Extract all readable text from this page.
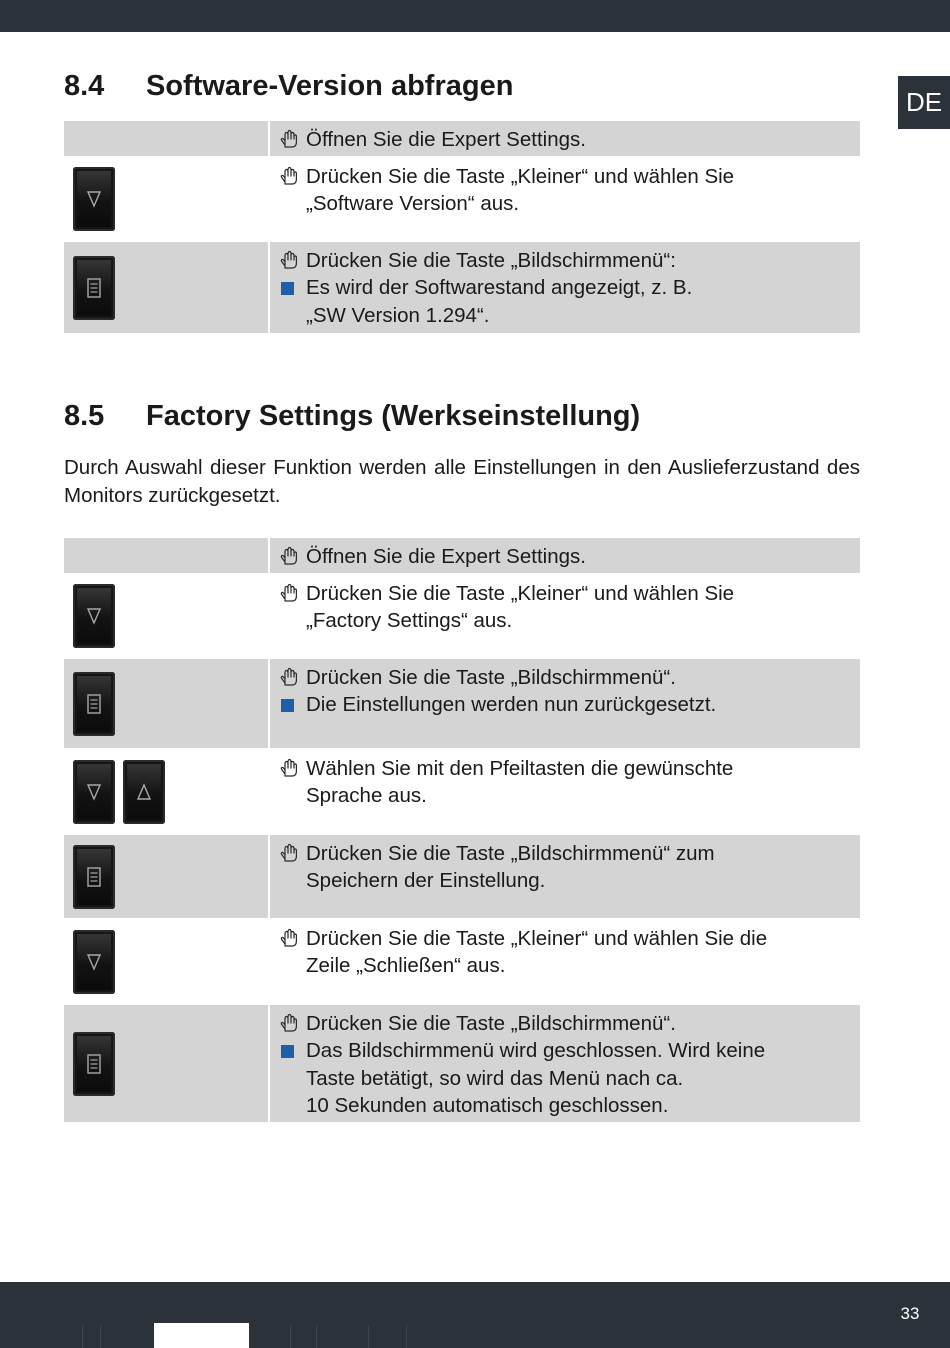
DE
8.4 Software-Version abfragen
Öffnen Sie die Expert Settings.
Drücken Sie die Taste „Kleiner“ und wählen Sie
„Software Version“ aus.
Drücken Sie die Taste „Bildschirmmenü“:
Es wird der Softwarestand angezeigt, z. B.
„SW Version 1.294“.
8.5 Factory Settings (Werkseinstellung)

Durch Auswahl dieser Funktion werden alle Einstellungen in den Auslieferzustand des Monitors zurückgesetzt.

Öffnen Sie die Expert Settings.
Drücken Sie die Taste „Kleiner“ und wählen Sie
„Factory Settings“ aus.
Drücken Sie die Taste „Bildschirmmenü“.
Die Einstellungen werden nun zurückgesetzt.
Wählen Sie mit den Pfeiltasten die gewünschte
Sprache aus.
Drücken Sie die Taste „Bildschirmmenü“ zum
Speichern der Einstellung.
Drücken Sie die Taste „Kleiner“ und wählen Sie die
Zeile „Schließen“ aus.
Drücken Sie die Taste „Bildschirmmenü“.
Das Bildschirmmenü wird geschlossen. Wird keine
Taste betätigt, so wird das Menü nach ca.
10 Sekunden automatisch geschlossen.
33
